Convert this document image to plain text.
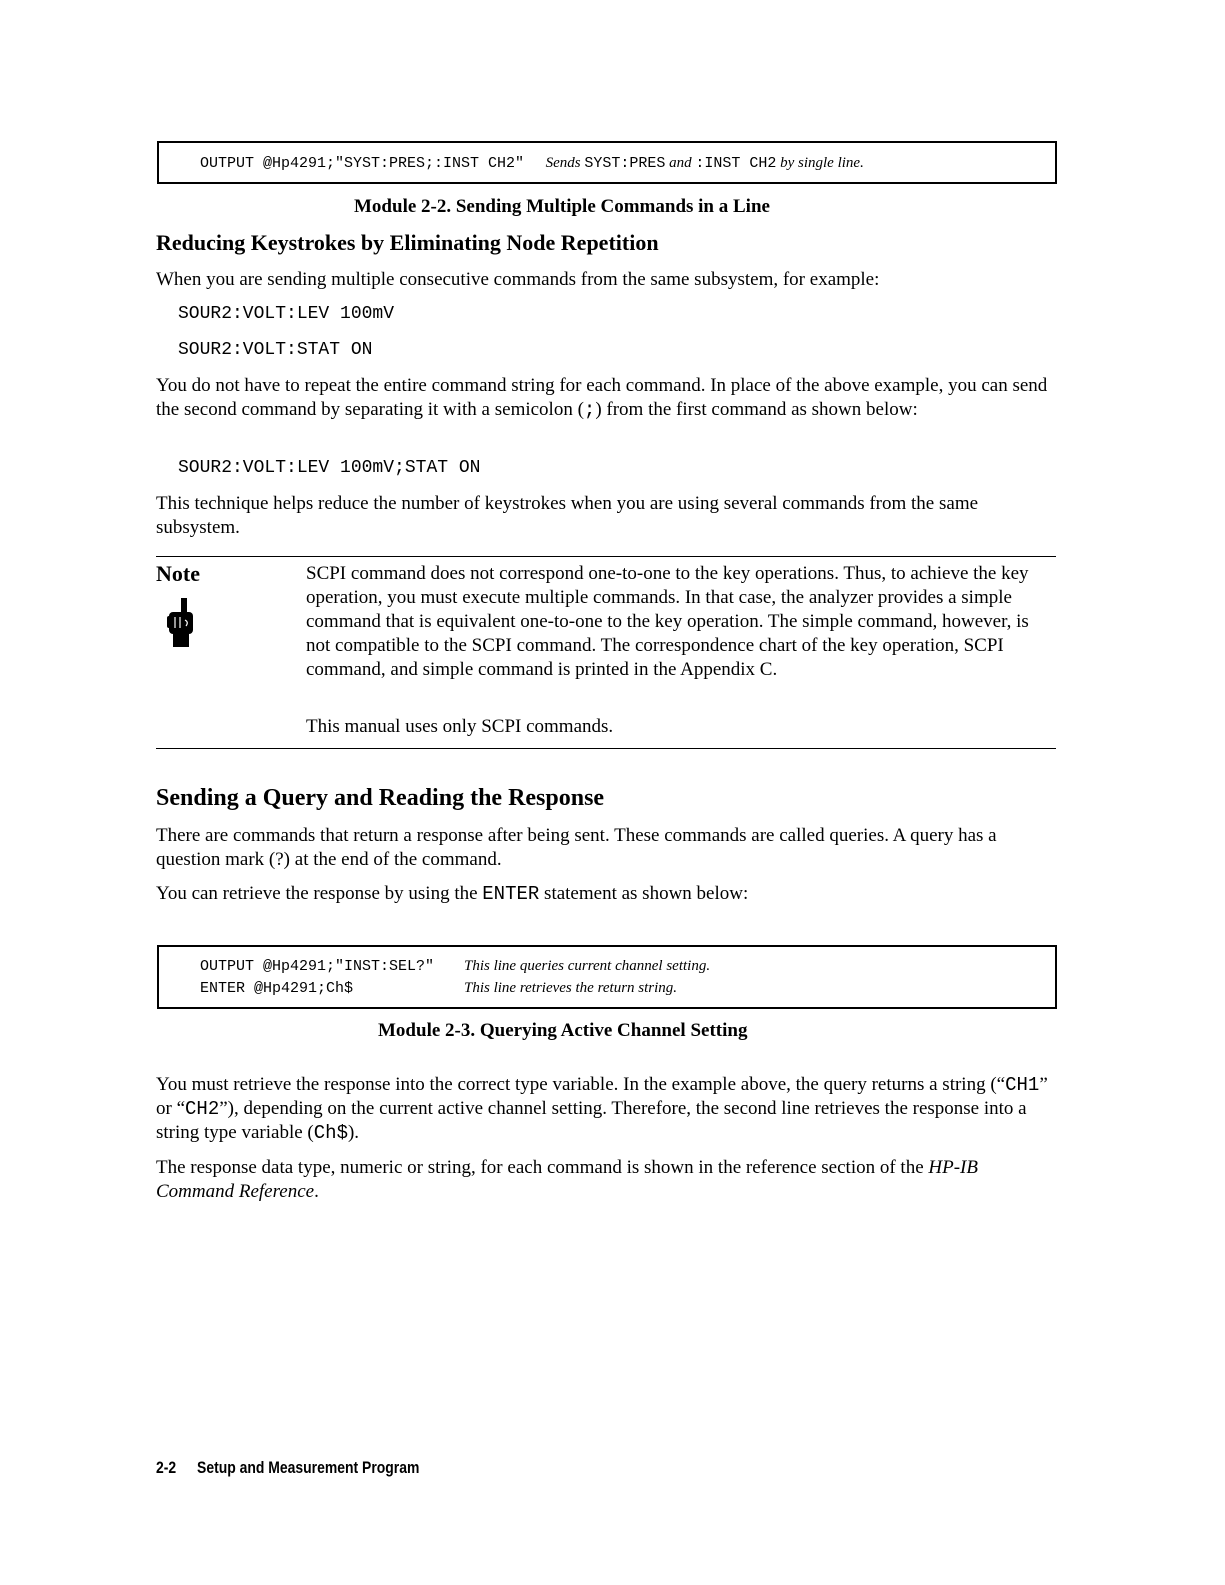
OUTPUT @Hp4291;"SYST:PRES;:INST CH2" Sends SYST:PRES and :INST CH2 by single line.
Module 2-2. Sending Multiple Commands in a Line
Reducing Keystrokes by Eliminating Node Repetition
When you are sending multiple consecutive commands from the same subsystem, for example:
SOUR2:VOLT:LEV 100mV
SOUR2:VOLT:STAT ON
You do not have to repeat the entire command string for each command. In place of the above example, you can send the second command by separating it with a semicolon (;) from the first command as shown below:
SOUR2:VOLT:LEV 100mV;STAT ON
This technique helps reduce the number of keystrokes when you are using several commands from the same subsystem.
Note	SCPI command does not correspond one-to-one to the key operations. Thus, to achieve the key operation, you must execute multiple commands. In that case, the analyzer provides a simple command that is equivalent one-to-one to the key operation. The simple command, however, is not compatible to the SCPI command. The correspondence chart of the key operation, SCPI command, and simple command is printed in the Appendix C.
This manual uses only SCPI commands.
Sending a Query and Reading the Response
There are commands that return a response after being sent. These commands are called queries. A query has a question mark (?) at the end of the command.
You can retrieve the response by using the ENTER statement as shown below:
OUTPUT @Hp4291;"INST:SEL?" This line queries current channel setting.
ENTER @Hp4291;Ch$	This line retrieves the return string.
Module 2-3. Querying Active Channel Setting
You must retrieve the response into the correct type variable. In the example above, the query returns a string (“CH1” or “CH2”), depending on the current active channel setting. Therefore, the second line retrieves the response into a string type variable (Ch$).
The response data type, numeric or string, for each command is shown in the reference section of the HP-IB Command Reference.
2-2 Setup and Measurement Program
